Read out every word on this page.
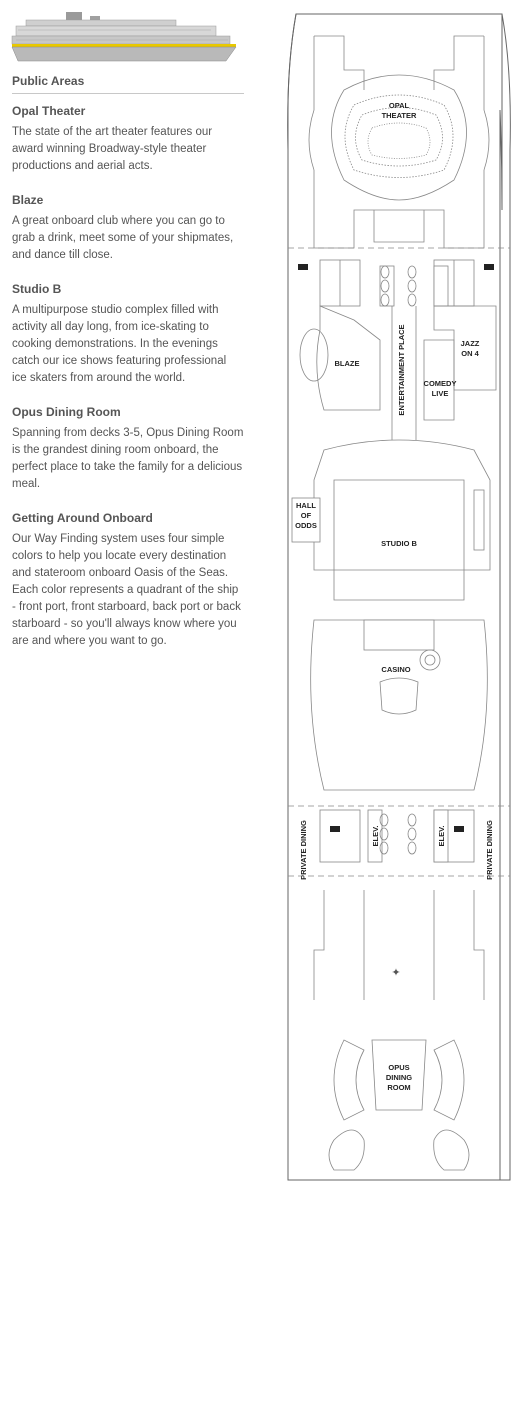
Public Areas
Opal Theater

The state of the art theater features our award winning Broadway-style theater productions and aerial acts.

Blaze

A great onboard club where you can go to grab a drink, meet some of your shipmates, and dance till close.

Studio B

A multipurpose studio complex filled with activity all day long, from ice-skating to cooking demonstrations. In the evenings catch our ice shows featuring professional ice skaters from around the world.

Opus Dining Room

Spanning from decks 3-5, Opus Dining Room is the grandest dining room onboard, the perfect place to take the family for a delicious meal.

Getting Around Onboard

Our Way Finding system uses four simple colors to help you locate every destination and stateroom onboard Oasis of the Seas. Each color represents a quadrant of the ship - front port, front starboard, back port or back starboard - so you'll always know where you are and where you want to go.

OPAL
THEATER
BLAZE	ENTERTAINMENT PLACE	JAZZ
ON 4
COMEDY
LIVE
STUDIO B
HALL
OF
ODDS
CASINO
ELEV.	ELEV.
PRIVATE DINING	PRIVATE DINING
✦
OPUS
DINING
ROOM
